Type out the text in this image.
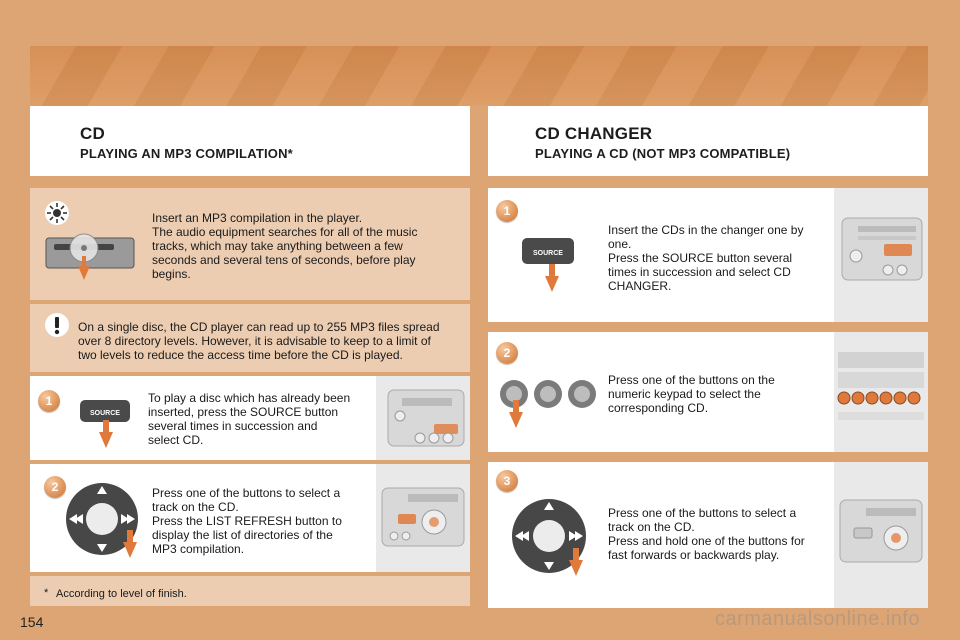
CD
PLAYING AN MP3 COMPILATION*
Insert an MP3 compilation in the player.
The audio equipment searches for all of the music
tracks, which may take anything between a few
seconds and several tens of seconds, before play
begins.
On a single disc, the CD player can read up to 255 MP3 files spread
over 8 directory levels. However, it is advisable to keep to a limit of
two levels to reduce the access time before the CD is played.
1
SOURCE
To play a disc which has already been
inserted, press the SOURCE button
several times in succession and
select CD.
2	Press one of the buttons to select a
track on the CD.
Press the LIST REFRESH button to
display the list of directories of the
MP3 compilation.
* According to level of finish.
CD CHANGER
PLAYING A CD (NOT MP3 COMPATIBLE)
1
SOURCE
Insert the CDs in the changer one by
one.
Press the SOURCE button several
times in succession and select CD
CHANGER.
2
Press one of the buttons on the
numeric keypad to select the
corresponding CD.
3
Press one of the buttons to select a
track on the CD.
Press and hold one of the buttons for
fast forwards or backwards play.
154	carmanualsonline.info
